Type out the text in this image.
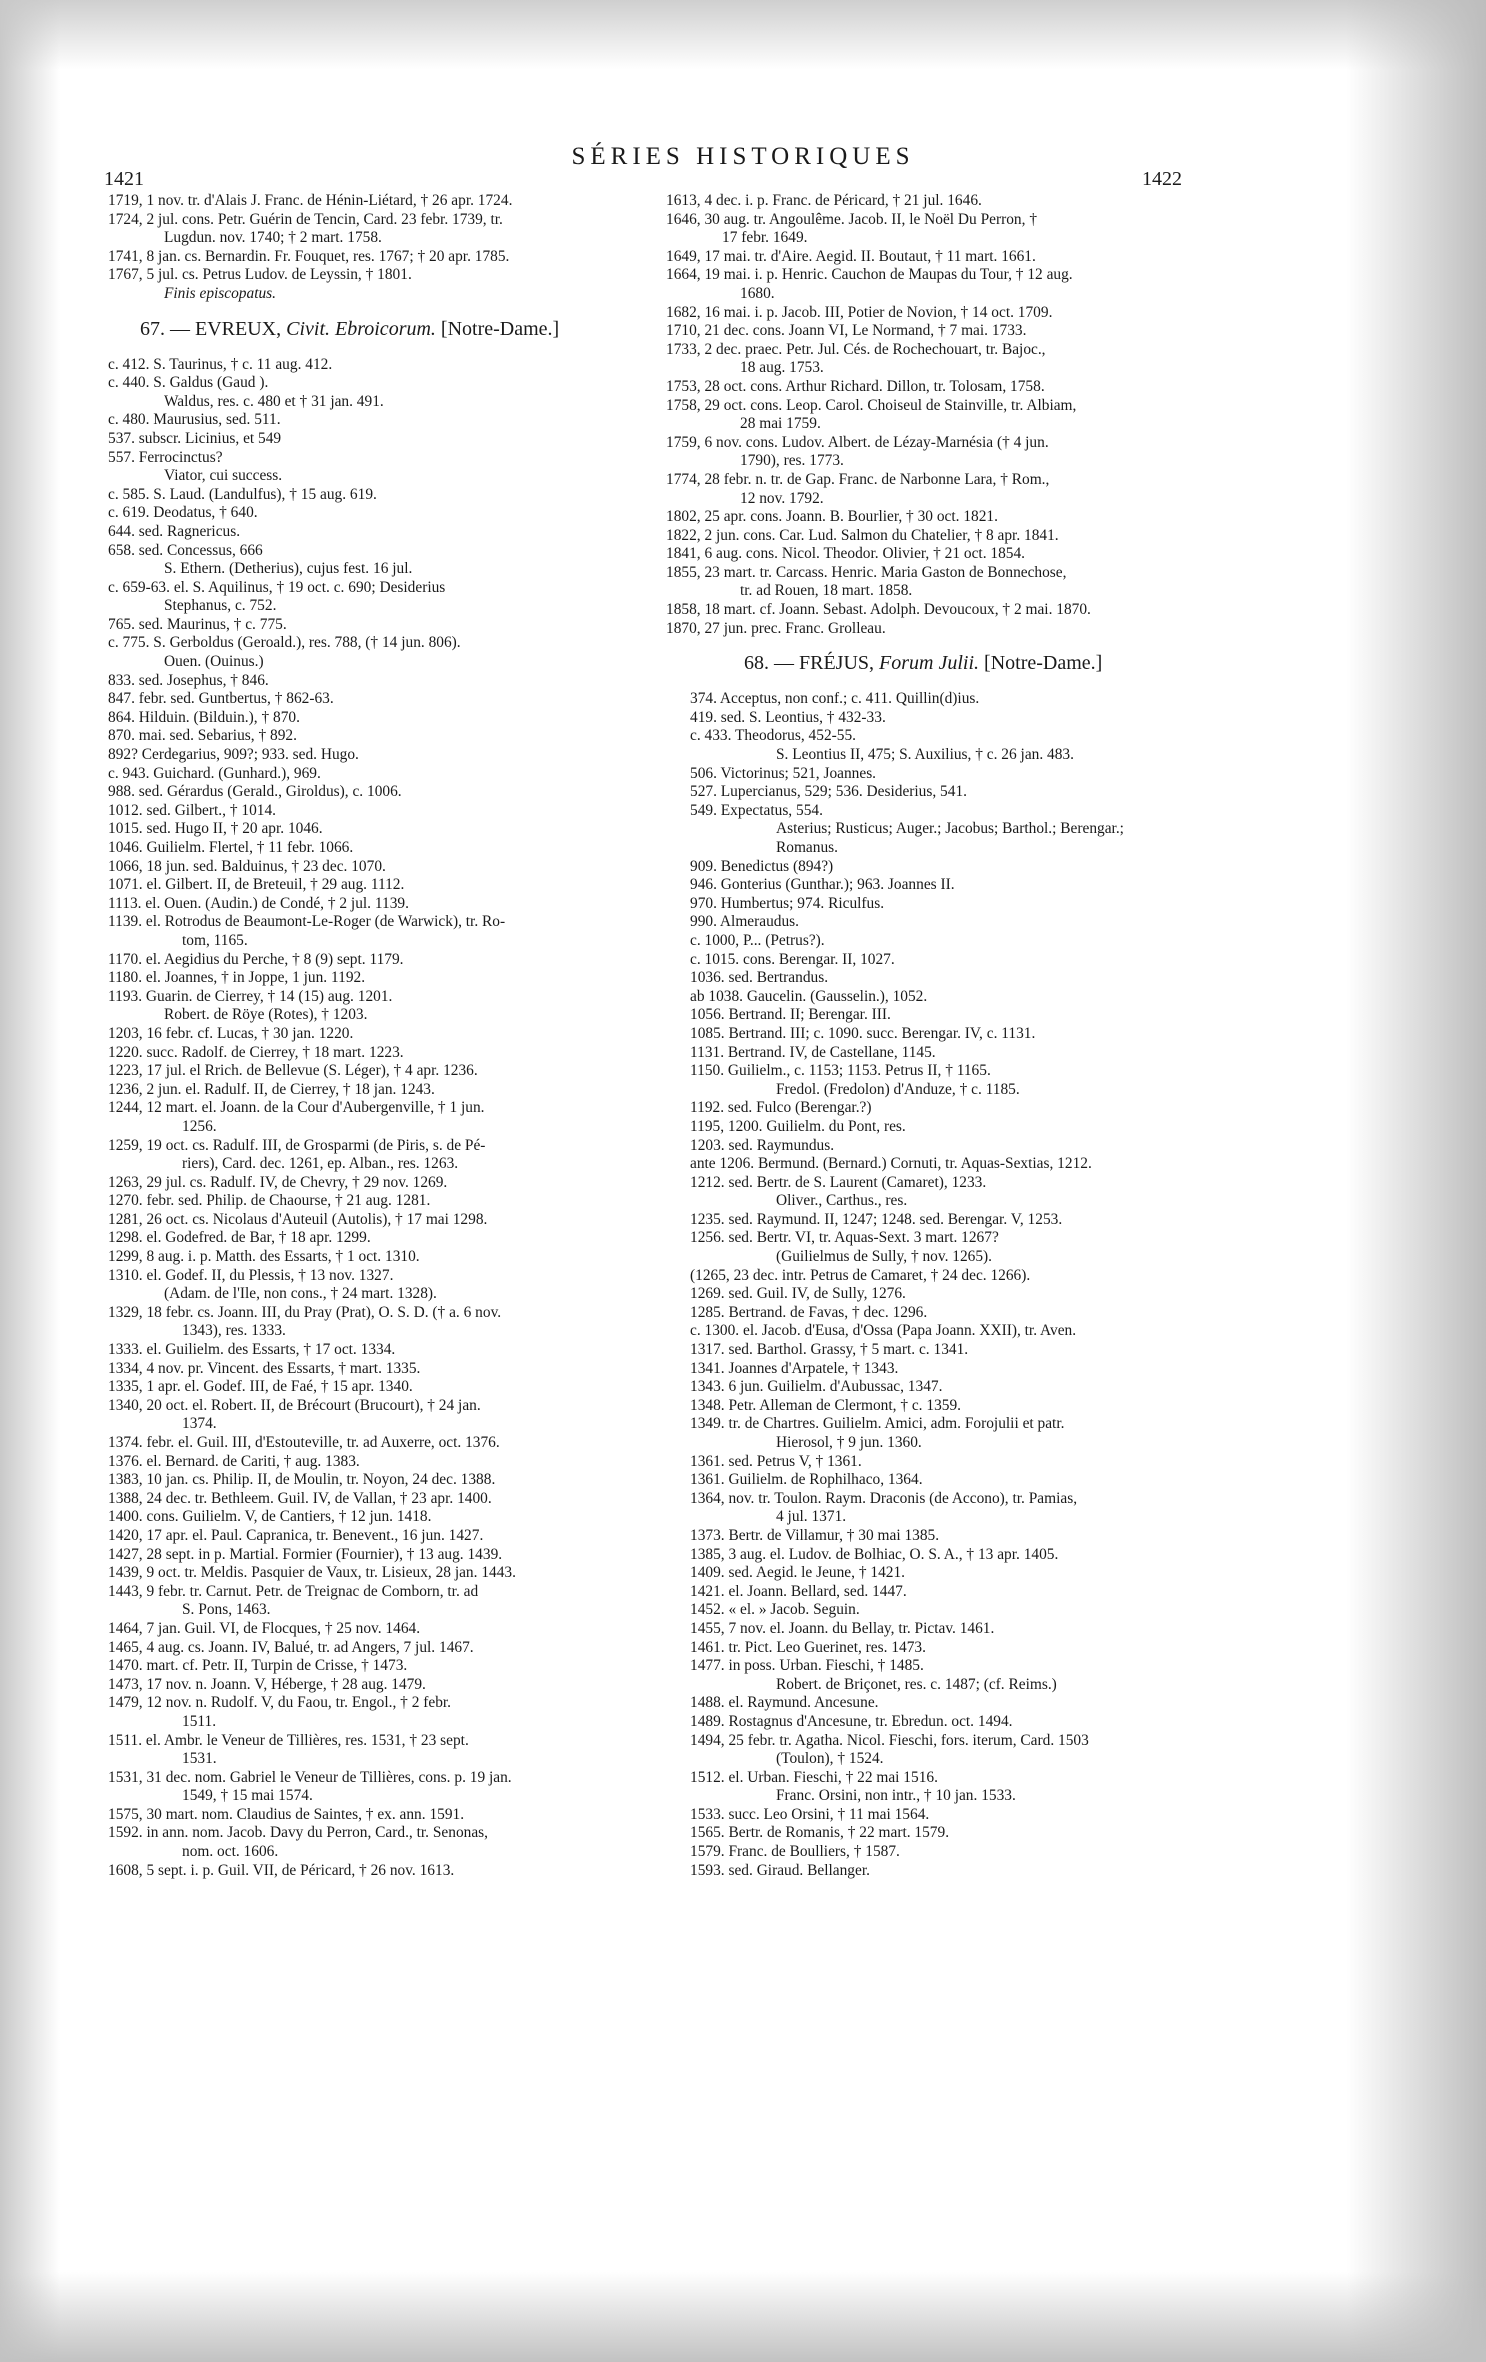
SÉRIES HISTORIQUES
1421	1422
1719, 1 nov. tr. d'Alais J. Franc. de Hénin-Liétard, † 26 apr. 1724.
1724, 2 jul. cons. Petr. Guérin de Tencin, Card. 23 febr. 1739, tr.
Lugdun. nov. 1740; † 2 mart. 1758.
1741, 8 jan. cs. Bernardin. Fr. Fouquet, res. 1767; † 20 apr. 1785.
1767, 5 jul. cs. Petrus Ludov. de Leyssin, † 1801.
Finis episcopatus.
67. — EVREUX, Civit. Ebroicorum. [Notre-Dame.]
c. 412. S. Taurinus, † c. 11 aug. 412.
c. 440. S. Galdus (Gaud ).
Waldus, res. c. 480 et † 31 jan. 491.
c. 480. Maurusius, sed. 511.
537. subscr. Licinius, et 549
557. Ferrocinctus?
Viator, cui success.
c. 585. S. Laud. (Landulfus), † 15 aug. 619.
c. 619. Deodatus, † 640.
644. sed. Ragnericus.
658. sed. Concessus, 666
S. Ethern. (Detherius), cujus fest. 16 jul.
c. 659-63. el. S. Aquilinus, † 19 oct. c. 690; Desiderius
Stephanus, c. 752.
765. sed. Maurinus, † c. 775.
c. 775. S. Gerboldus (Geroald.), res. 788, († 14 jun. 806).
Ouen. (Ouinus.)
833. sed. Josephus, † 846.
847. febr. sed. Guntbertus, † 862-63.
864. Hilduin. (Bilduin.), † 870.
870. mai. sed. Sebarius, † 892.
892? Cerdegarius, 909?; 933. sed. Hugo.
c. 943. Guichard. (Gunhard.), 969.
988. sed. Gérardus (Gerald., Giroldus), c. 1006.
1012. sed. Gilbert., † 1014.
1015. sed. Hugo II, † 20 apr. 1046.
1046. Guilielm. Flertel, † 11 febr. 1066.
1066, 18 jun. sed. Balduinus, † 23 dec. 1070.
1071. el. Gilbert. II, de Breteuil, † 29 aug. 1112.
1113. el. Ouen. (Audin.) de Condé, † 2 jul. 1139.
1139. el. Rotrodus de Beaumont-Le-Roger (de Warwick), tr. Ro-
tom, 1165.
1170. el. Aegidius du Perche, † 8 (9) sept. 1179.
1180. el. Joannes, † in Joppe, 1 jun. 1192.
1193. Guarin. de Cierrey, † 14 (15) aug. 1201.
Robert. de Röye (Rotes), † 1203.
1203, 16 febr. cf. Lucas, † 30 jan. 1220.
1220. succ. Radolf. de Cierrey, † 18 mart. 1223.
1223, 17 jul. el Rrich. de Bellevue (S. Léger), † 4 apr. 1236.
1236, 2 jun. el. Radulf. II, de Cierrey, † 18 jan. 1243.
1244, 12 mart. el. Joann. de la Cour d'Aubergenville, † 1 jun.
1256.
1259, 19 oct. cs. Radulf. III, de Grosparmi (de Piris, s. de Pé-
riers), Card. dec. 1261, ep. Alban., res. 1263.
1263, 29 jul. cs. Radulf. IV, de Chevry, † 29 nov. 1269.
1270. febr. sed. Philip. de Chaourse, † 21 aug. 1281.
1281, 26 oct. cs. Nicolaus d'Auteuil (Autolis), † 17 mai 1298.
1298. el. Godefred. de Bar, † 18 apr. 1299.
1299, 8 aug. i. p. Matth. des Essarts, † 1 oct. 1310.
1310. el. Godef. II, du Plessis, † 13 nov. 1327.
(Adam. de l'Ile, non cons., † 24 mart. 1328).
1329, 18 febr. cs. Joann. III, du Pray (Prat), O. S. D. († a. 6 nov.
1343), res. 1333.
1333. el. Guilielm. des Essarts, † 17 oct. 1334.
1334, 4 nov. pr. Vincent. des Essarts, † mart. 1335.
1335, 1 apr. el. Godef. III, de Faé, † 15 apr. 1340.
1340, 20 oct. el. Robert. II, de Brécourt (Brucourt), † 24 jan.
1374.
1374. febr. el. Guil. III, d'Estouteville, tr. ad Auxerre, oct. 1376.
1376. el. Bernard. de Cariti, † aug. 1383.
1383, 10 jan. cs. Philip. II, de Moulin, tr. Noyon, 24 dec. 1388.
1388, 24 dec. tr. Bethleem. Guil. IV, de Vallan, † 23 apr. 1400.
1400. cons. Guilielm. V, de Cantiers, † 12 jun. 1418.
1420, 17 apr. el. Paul. Capranica, tr. Benevent., 16 jun. 1427.
1427, 28 sept. in p. Martial. Formier (Fournier), † 13 aug. 1439.
1439, 9 oct. tr. Meldis. Pasquier de Vaux, tr. Lisieux, 28 jan. 1443.
1443, 9 febr. tr. Carnut. Petr. de Treignac de Comborn, tr. ad
S. Pons, 1463.
1464, 7 jan. Guil. VI, de Flocques, † 25 nov. 1464.
1465, 4 aug. cs. Joann. IV, Balué, tr. ad Angers, 7 jul. 1467.
1470. mart. cf. Petr. II, Turpin de Crisse, † 1473.
1473, 17 nov. n. Joann. V, Héberge, † 28 aug. 1479.
1479, 12 nov. n. Rudolf. V, du Faou, tr. Engol., † 2 febr.
1511.
1511. el. Ambr. le Veneur de Tillières, res. 1531, † 23 sept.
1531.
1531, 31 dec. nom. Gabriel le Veneur de Tillières, cons. p. 19 jan.
1549, † 15 mai 1574.
1575, 30 mart. nom. Claudius de Saintes, † ex. ann. 1591.
1592. in ann. nom. Jacob. Davy du Perron, Card., tr. Senonas,
nom. oct. 1606.
1608, 5 sept. i. p. Guil. VII, de Péricard, † 26 nov. 1613.
1613, 4 dec. i. p. Franc. de Péricard, † 21 jul. 1646.
1646, 30 aug. tr. Angoulême. Jacob. II, le Noël Du Perron, †
17 febr. 1649.
1649, 17 mai. tr. d'Aire. Aegid. II. Boutaut, † 11 mart. 1661.
1664, 19 mai. i. p. Henric. Cauchon de Maupas du Tour, † 12 aug.
1680.
1682, 16 mai. i. p. Jacob. III, Potier de Novion, † 14 oct. 1709.
1710, 21 dec. cons. Joann VI, Le Normand, † 7 mai. 1733.
1733, 2 dec. praec. Petr. Jul. Cés. de Rochechouart, tr. Bajoc.,
18 aug. 1753.
1753, 28 oct. cons. Arthur Richard. Dillon, tr. Tolosam, 1758.
1758, 29 oct. cons. Leop. Carol. Choiseul de Stainville, tr. Albiam,
28 mai 1759.
1759, 6 nov. cons. Ludov. Albert. de Lézay-Marnésia († 4 jun.
1790), res. 1773.
1774, 28 febr. n. tr. de Gap. Franc. de Narbonne Lara, † Rom.,
12 nov. 1792.
1802, 25 apr. cons. Joann. B. Bourlier, † 30 oct. 1821.
1822, 2 jun. cons. Car. Lud. Salmon du Chatelier, † 8 apr. 1841.
1841, 6 aug. cons. Nicol. Theodor. Olivier, † 21 oct. 1854.
1855, 23 mart. tr. Carcass. Henric. Maria Gaston de Bonnechose,
tr. ad Rouen, 18 mart. 1858.
1858, 18 mart. cf. Joann. Sebast. Adolph. Devoucoux, † 2 mai. 1870.
1870, 27 jun. prec. Franc. Grolleau.
68. — FRÉJUS, Forum Julii. [Notre-Dame.]
374. Acceptus, non conf.; c. 411. Quillin(d)ius.
419. sed. S. Leontius, † 432-33.
c. 433. Theodorus, 452-55.
S. Leontius II, 475; S. Auxilius, † c. 26 jan. 483.
506. Victorinus; 521, Joannes.
527. Lupercianus, 529; 536. Desiderius, 541.
549. Expectatus, 554.
Asterius; Rusticus; Auger.; Jacobus; Barthol.; Berengar.;
Romanus.
909. Benedictus (894?)
946. Gonterius (Gunthar.); 963. Joannes II.
970. Humbertus; 974. Riculfus.
990. Almeraudus.
c. 1000, P... (Petrus?).
c. 1015. cons. Berengar. II, 1027.
1036. sed. Bertrandus.
ab 1038. Gaucelin. (Gausselin.), 1052.
1056. Bertrand. II; Berengar. III.
1085. Bertrand. III; c. 1090. succ. Berengar. IV, c. 1131.
1131. Bertrand. IV, de Castellane, 1145.
1150. Guilielm., c. 1153; 1153. Petrus II, † 1165.
Fredol. (Fredolon) d'Anduze, † c. 1185.
1192. sed. Fulco (Berengar.?)
1195, 1200. Guilielm. du Pont, res.
1203. sed. Raymundus.
ante 1206. Bermund. (Bernard.) Cornuti, tr. Aquas-Sextias, 1212.
1212. sed. Bertr. de S. Laurent (Camaret), 1233.
Oliver., Carthus., res.
1235. sed. Raymund. II, 1247; 1248. sed. Berengar. V, 1253.
1256. sed. Bertr. VI, tr. Aquas-Sext. 3 mart. 1267?
(Guilielmus de Sully, † nov. 1265).
(1265, 23 dec. intr. Petrus de Camaret, † 24 dec. 1266).
1269. sed. Guil. IV, de Sully, 1276.
1285. Bertrand. de Favas, † dec. 1296.
c. 1300. el. Jacob. d'Eusa, d'Ossa (Papa Joann. XXII), tr. Aven.
1317. sed. Barthol. Grassy, † 5 mart. c. 1341.
1341. Joannes d'Arpatele, † 1343.
1343. 6 jun. Guilielm. d'Aubussac, 1347.
1348. Petr. Alleman de Clermont, † c. 1359.
1349. tr. de Chartres. Guilielm. Amici, adm. Forojulii et patr.
Hierosol, † 9 jun. 1360.
1361. sed. Petrus V, † 1361.
1361. Guilielm. de Rophilhaco, 1364.
1364, nov. tr. Toulon. Raym. Draconis (de Accono), tr. Pamias,
4 jul. 1371.
1373. Bertr. de Villamur, † 30 mai 1385.
1385, 3 aug. el. Ludov. de Bolhiac, O. S. A., † 13 apr. 1405.
1409. sed. Aegid. le Jeune, † 1421.
1421. el. Joann. Bellard, sed. 1447.
1452. « el. » Jacob. Seguin.
1455, 7 nov. el. Joann. du Bellay, tr. Pictav. 1461.
1461. tr. Pict. Leo Guerinet, res. 1473.
1477. in poss. Urban. Fieschi, † 1485.
Robert. de Briçonet, res. c. 1487; (cf. Reims.)
1488. el. Raymund. Ancesune.
1489. Rostagnus d'Ancesune, tr. Ebredun. oct. 1494.
1494, 25 febr. tr. Agatha. Nicol. Fieschi, fors. iterum, Card. 1503
(Toulon), † 1524.
1512. el. Urban. Fieschi, † 22 mai 1516.
Franc. Orsini, non intr., † 10 jan. 1533.
1533. succ. Leo Orsini, † 11 mai 1564.
1565. Bertr. de Romanis, † 22 mart. 1579.
1579. Franc. de Boulliers, † 1587.
1593. sed. Giraud. Bellanger.
